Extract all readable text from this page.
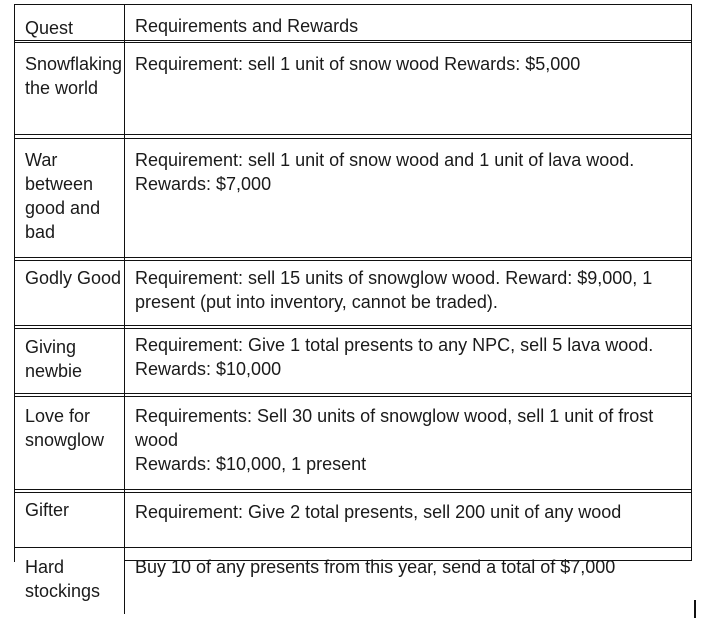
Quest	Requirements and Rewards
Snowflaking the world
Requirement: sell 1 unit of snow wood Rewards: $5,000
War between good and bad
Requirement: sell 1 unit of snow wood and 1 unit of lava wood. Rewards: $7,000
Godly Good Requirement: sell 15 units of snowglow wood. Reward: $9,000, 1 present (put into inventory, cannot be traded).
Giving newbie
Requirement: Give 1 total presents to any NPC, sell 5 lava wood. Rewards: $10,000
Love for snowglow
Requirements: Sell 30 units of snowglow wood, sell 1 unit of frost wood
Rewards: $10,000, 1 present
Gifter	Requirement: Give 2 total presents, sell 200 unit of any wood
Hard stockings
Buy 10 of any presents from this year, send a total of $7,000
